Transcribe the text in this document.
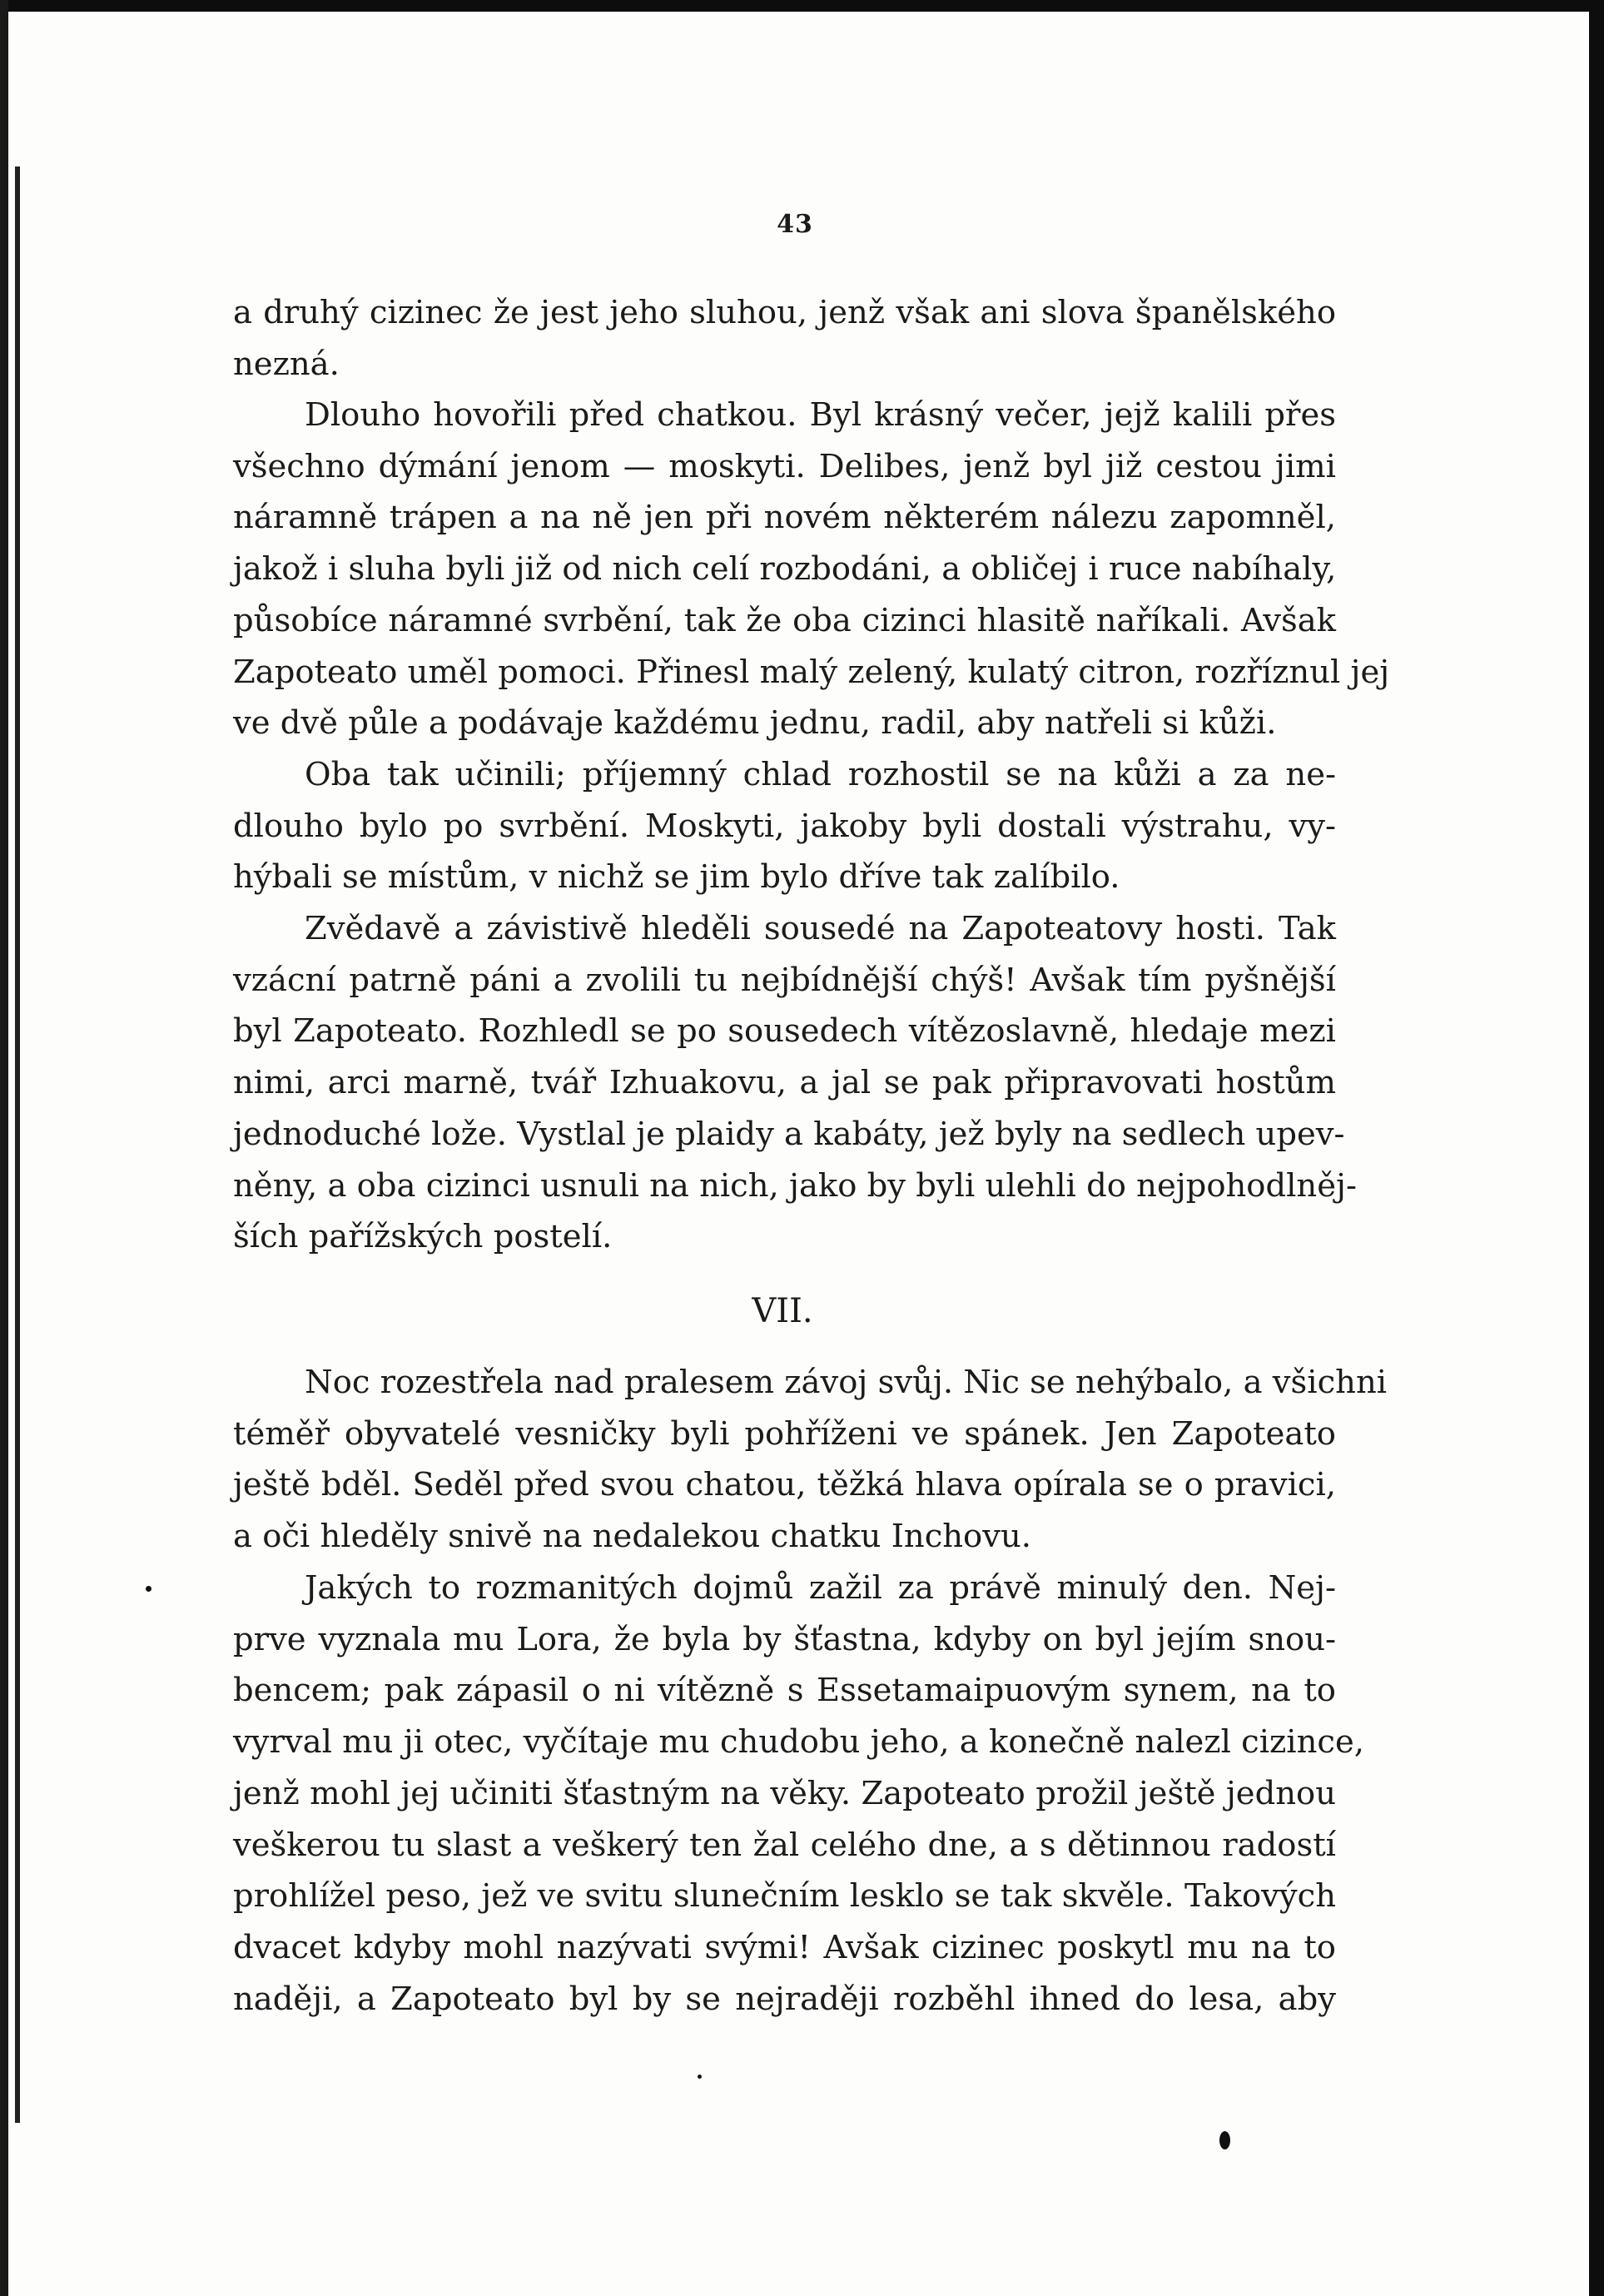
43
a druhý cizinec že jest jeho sluhou, jenž však ani slova španělského
nezná.
Dlouho hovořili před chatkou. Byl krásný večer, jejž kalili přes
všechno dýmání jenom — moskyti. Delibes, jenž byl již cestou jimi
náramně trápen a na ně jen při novém některém nálezu zapomněl,
jakož i sluha byli již od nich celí rozbodáni, a obličej i ruce nabíhaly,
působíce náramné svrbění, tak že oba cizinci hlasitě naříkali. Avšak
Zapoteato uměl pomoci. Přinesl malý zelený, kulatý citron, rozříznul jej
ve dvě půle a podávaje každému jednu, radil, aby natřeli si kůži.
Oba tak učinili; příjemný chlad rozhostil se na kůži a za ne-
dlouho bylo po svrbění. Moskyti, jakoby byli dostali výstrahu, vy-
hýbali se místům, v nichž se jim bylo dříve tak zalíbilo.
Zvědavě a závistivě hleděli sousedé na Zapoteatovy hosti. Tak
vzácní patrně páni a zvolili tu nejbídnější chýš! Avšak tím pyšnější
byl Zapoteato. Rozhledl se po sousedech vítězoslavně, hledaje mezi
nimi, arci marně, tvář Izhuakovu, a jal se pak připravovati hostům
jednoduché lože. Vystlal je plaidy a kabáty, jež byly na sedlech upev-
něny, a oba cizinci usnuli na nich, jako by byli ulehli do nejpohodlněj-
ších pařížských postelí.
VII.
Noc rozestřela nad pralesem závoj svůj. Nic se nehýbalo, a všichni
téměř obyvatelé vesničky byli pohříženi ve spánek. Jen Zapoteato
ještě bděl. Seděl před svou chatou, těžká hlava opírala se o pravici,
a oči hleděly snivě na nedalekou chatku Inchovu.
Jakých to rozmanitých dojmů zažil za právě minulý den. Nej-
prve vyznala mu Lora, že byla by šťastna, kdyby on byl jejím snou-
bencem; pak zápasil o ni vítězně s Essetamaipuovým synem, na to
vyrval mu ji otec, vyčítaje mu chudobu jeho, a konečně nalezl cizince,
jenž mohl jej učiniti šťastným na věky. Zapoteato prožil ještě jednou
veškerou tu slast a veškerý ten žal celého dne, a s dětinnou radostí
prohlížel peso, jež ve svitu slunečním lesklo se tak skvěle. Takových
dvacet kdyby mohl nazývati svými! Avšak cizinec poskytl mu na to
naději, a Zapoteato byl by se nejraději rozběhl ihned do lesa, aby
